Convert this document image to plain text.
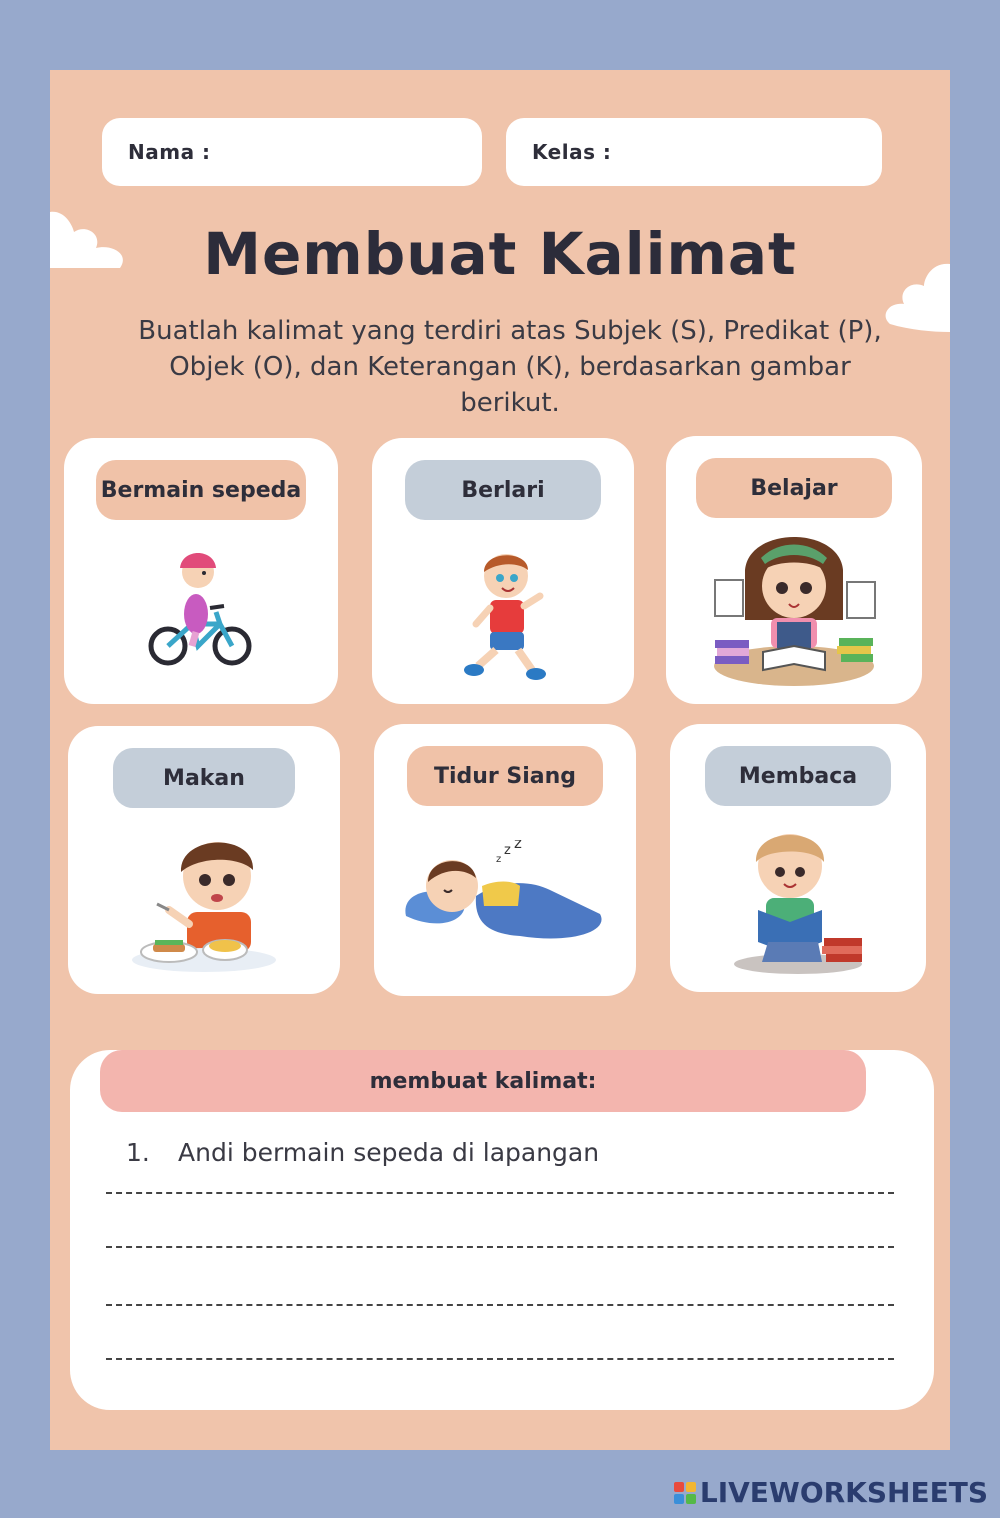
Nama :	Kelas :
Membuat Kalimat
Buatlah kalimat yang terdiri atas Subjek (S), Predikat (P), Objek (O), dan Keterangan (K), berdasarkan gambar berikut.
Bermain sepeda	Berlari	Belajar
Makan	Tidur Siang
z
z z
Membaca
membuat kalimat:
1. Andi bermain sepeda di lapangan
LIVEWORKSHEETS
